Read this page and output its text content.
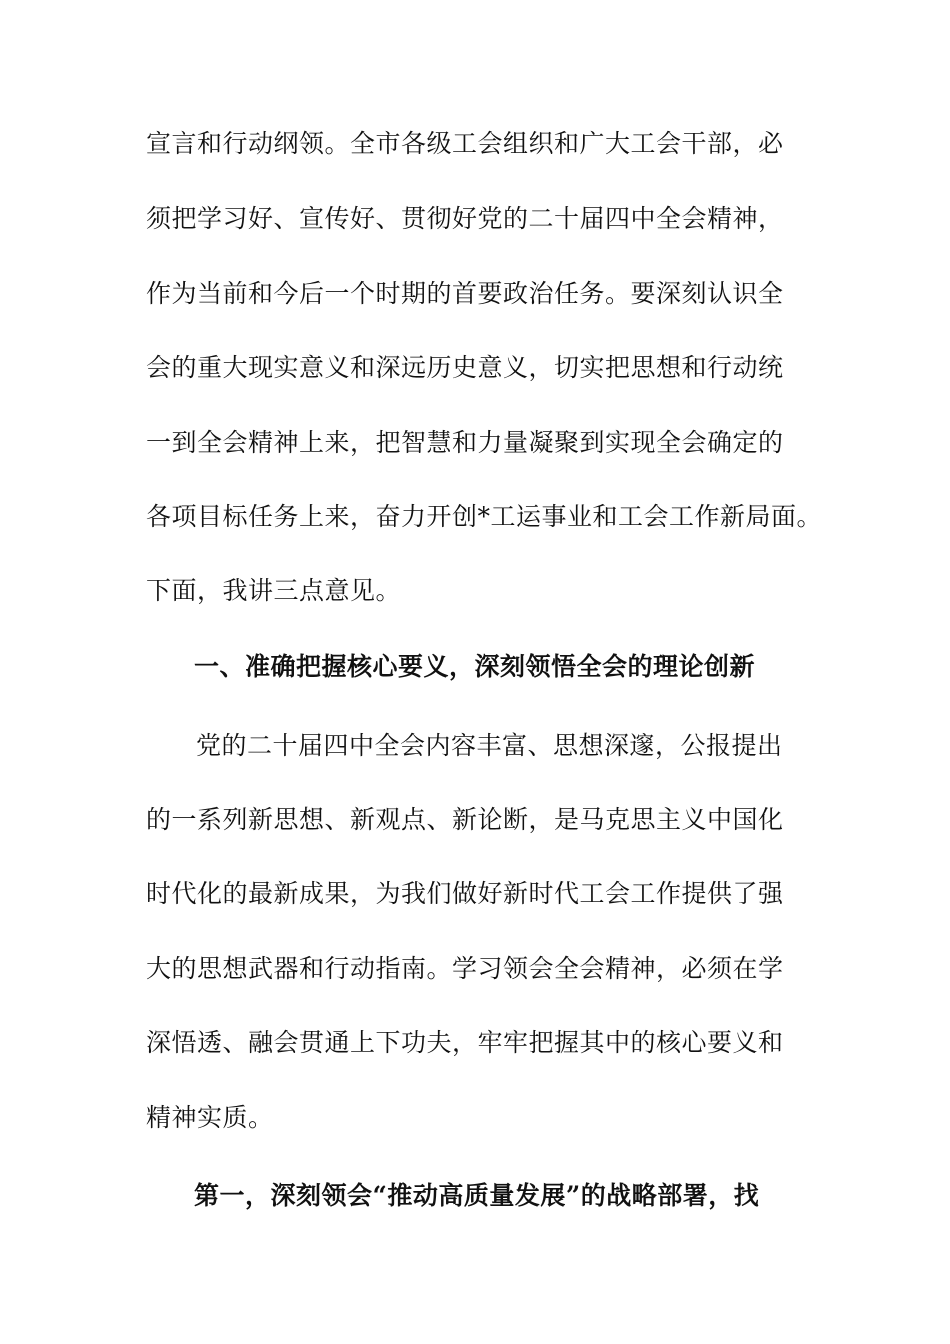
宣言和行动纲领。全市各级工会组织和广大工会干部，必
须把学习好、宣传好、贯彻好党的二十届四中全会精神，
作为当前和今后一个时期的首要政治任务。要深刻认识全
会的重大现实意义和深远历史意义，切实把思想和行动统
一到全会精神上来，把智慧和力量凝聚到实现全会确定的
各项目标任务上来，奋力开创*工运事业和工会工作新局面。
下面，我讲三点意见。
一、准确把握核心要义，深刻领悟全会的理论创新
党的二十届四中全会内容丰富、思想深邃，公报提出
的一系列新思想、新观点、新论断，是马克思主义中国化
时代化的最新成果，为我们做好新时代工会工作提供了强
大的思想武器和行动指南。学习领会全会精神，必须在学
深悟透、融会贯通上下功夫，牢牢把握其中的核心要义和
精神实质。
第一，深刻领会“推动高质量发展”的战略部署，找
